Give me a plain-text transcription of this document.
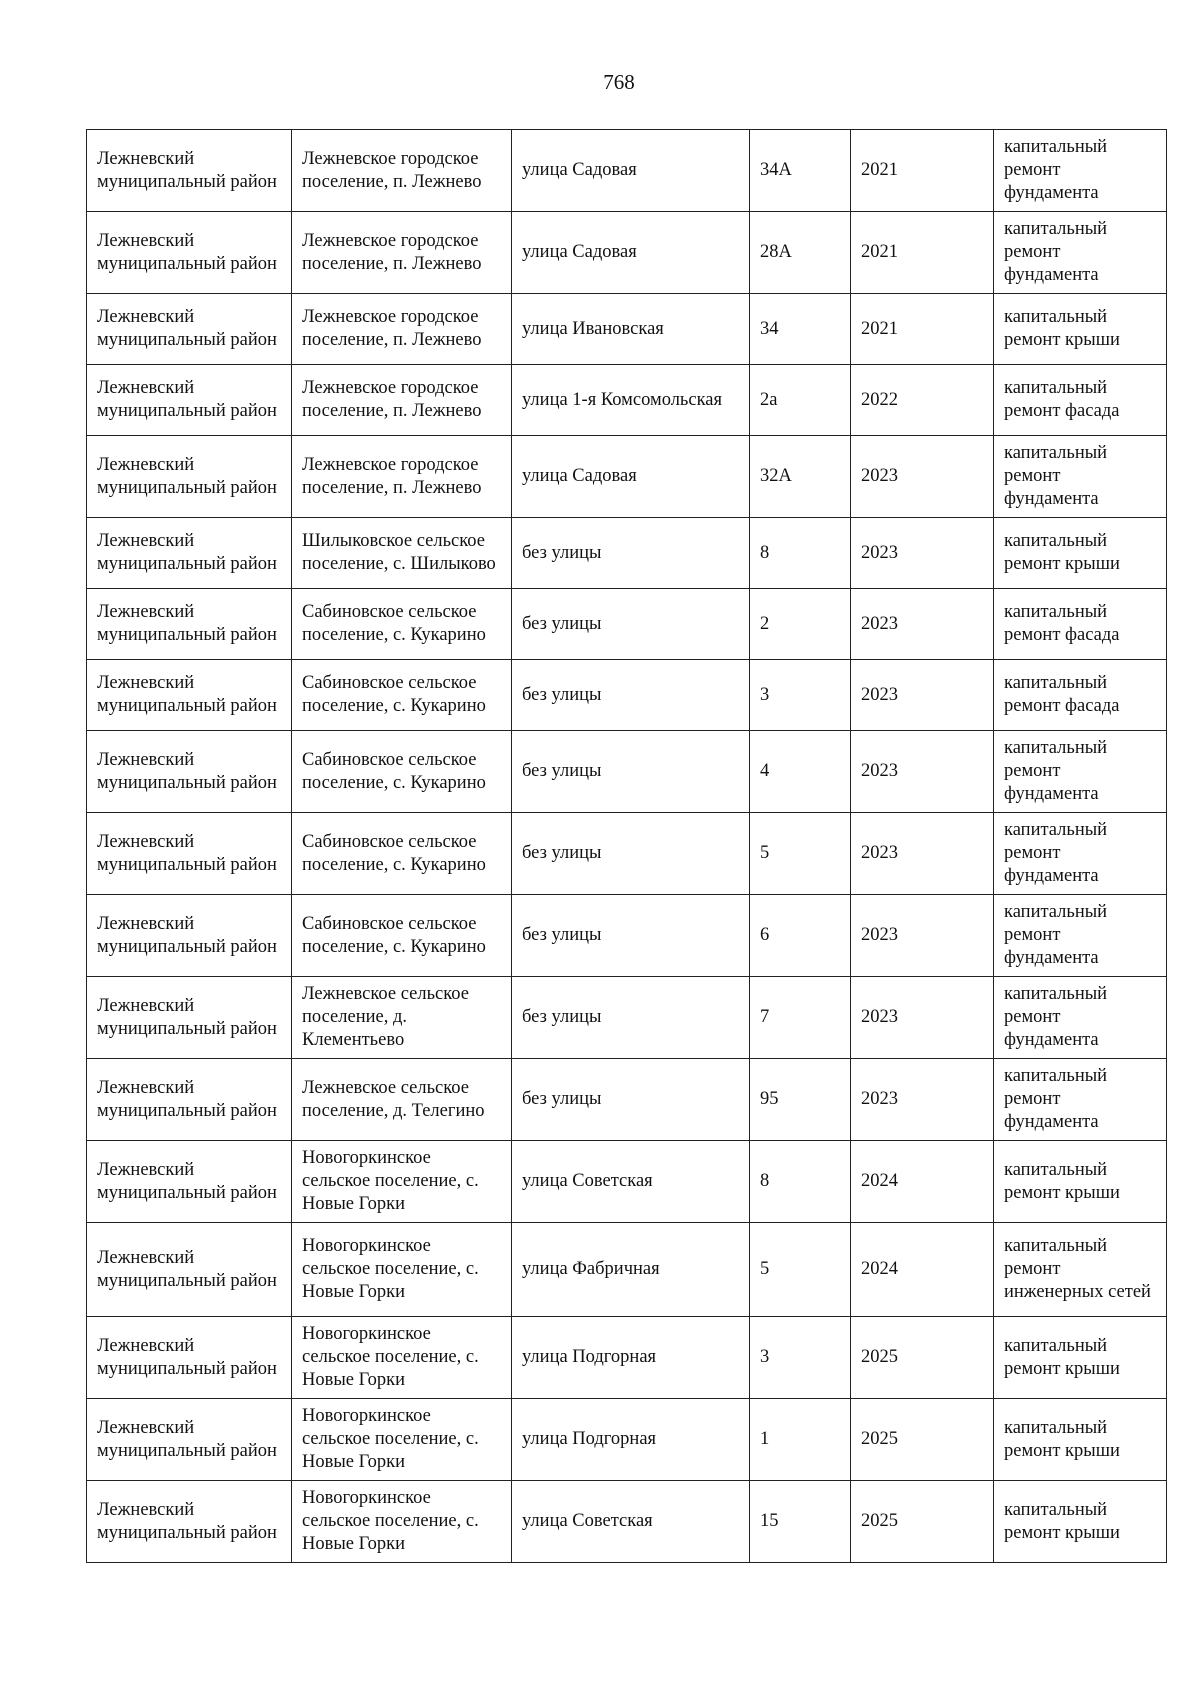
768
Лежневский муниципальный район	Лежневское городское поселение, п. Лежнево	улица Садовая	34А	2021	капитальный ремонт фундамента
Лежневский муниципальный район	Лежневское городское поселение, п. Лежнево	улица Садовая	28А	2021	капитальный ремонт фундамента
Лежневский муниципальный район	Лежневское городское поселение, п. Лежнево	улица Ивановская	34	2021	капитальный ремонт крыши
Лежневский муниципальный район	Лежневское городское поселение, п. Лежнево	улица 1-я Комсомольская	2а	2022	капитальный ремонт фасада
Лежневский муниципальный район	Лежневское городское поселение, п. Лежнево	улица Садовая	32А	2023	капитальный ремонт фундамента
Лежневский муниципальный район	Шилыковское сельское поселение, с. Шилыково	без улицы	8	2023	капитальный ремонт крыши
Лежневский муниципальный район	Сабиновское сельское поселение, с. Кукарино	без улицы	2	2023	капитальный ремонт фасада
Лежневский муниципальный район	Сабиновское сельское поселение, с. Кукарино	без улицы	3	2023	капитальный ремонт фасада
Лежневский муниципальный район	Сабиновское сельское поселение, с. Кукарино	без улицы	4	2023	капитальный ремонт фундамента
Лежневский муниципальный район	Сабиновское сельское поселение, с. Кукарино	без улицы	5	2023	капитальный ремонт фундамента
Лежневский муниципальный район	Сабиновское сельское поселение, с. Кукарино	без улицы	6	2023	капитальный ремонт фундамента
Лежневский муниципальный район	Лежневское сельское поселение, д. Клементьево	без улицы	7	2023	капитальный ремонт фундамента
Лежневский муниципальный район	Лежневское сельское поселение, д. Телегино	без улицы	95	2023	капитальный ремонт фундамента
Лежневский муниципальный район	Новогоркинское сельское поселение, с. Новые Горки	улица Советская	8	2024	капитальный ремонт крыши
Лежневский муниципальный район	Новогоркинское сельское поселение, с. Новые Горки	улица Фабричная	5	2024	капитальный ремонт инженерных сетей
Лежневский муниципальный район	Новогоркинское сельское поселение, с. Новые Горки	улица Подгорная	3	2025	капитальный ремонт крыши
Лежневский муниципальный район	Новогоркинское сельское поселение, с. Новые Горки	улица Подгорная	1	2025	капитальный ремонт крыши
Лежневский муниципальный район	Новогоркинское сельское поселение, с. Новые Горки	улица Советская	15	2025	капитальный ремонт крыши
